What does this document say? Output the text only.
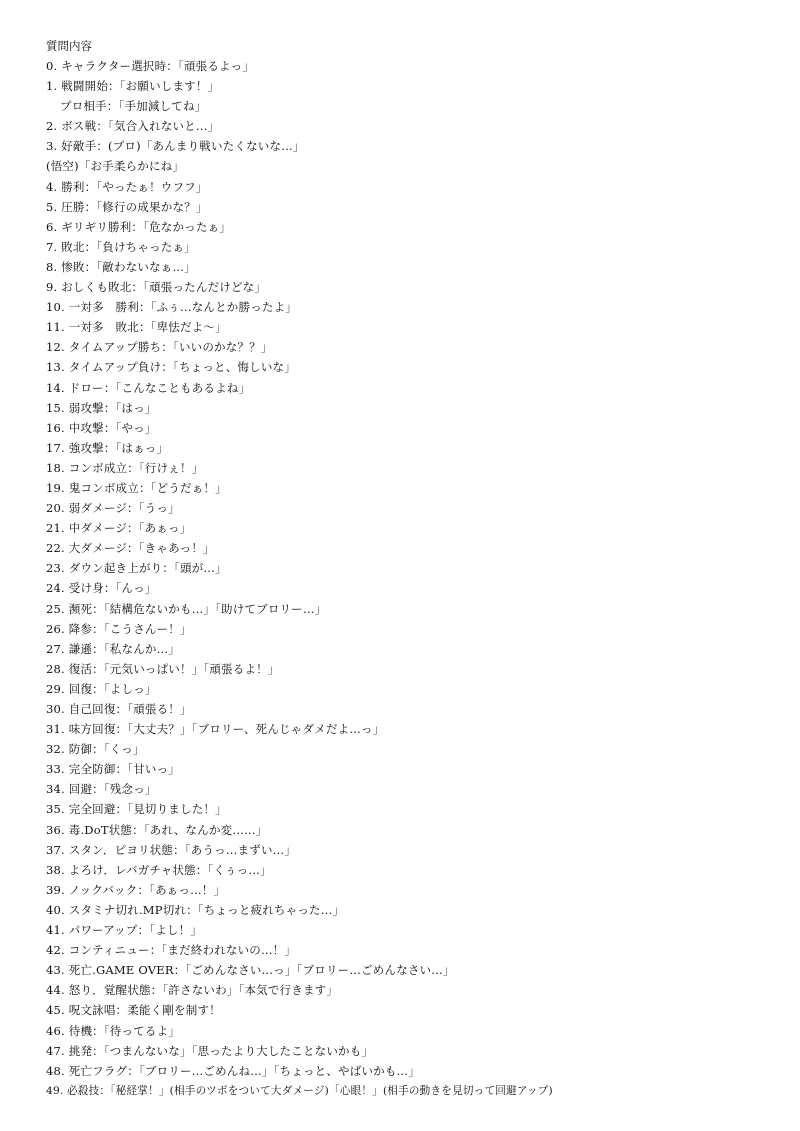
質問内容
0. キャラクター選択時：「頑張るよっ」
1. 戦闘開始：「お願いします！」
プロ相手：「手加減してね」
2. ボス戦：「気合入れないと…」
3. 好敵手：(プロ)「あんまり戦いたくないな…」
(悟空)「お手柔らかにね」
4. 勝利：「やったぁ！ウフフ」
5. 圧勝：「修行の成果かな？」
6. ギリギリ勝利：「危なかったぁ」
7. 敗北：「負けちゃったぁ」
8. 惨敗：「敵わないなぁ…」
9. おしくも敗北：「頑張ったんだけどな」
10. 一対多　勝利：「ふぅ…なんとか勝ったよ」
11. 一対多　敗北：「卑怯だよ～」
12. タイムアップ勝ち：「いいのかな？？」
13. タイムアップ負け：「ちょっと、悔しいな」
14. ドロー：「こんなこともあるよね」
15. 弱攻撃：「はっ」
16. 中攻撃：「やっ」
17. 強攻撃：「はぁっ」
18. コンボ成立：「行けぇ！」
19. 鬼コンボ成立：「どうだぁ！」
20. 弱ダメージ：「うっ」
21. 中ダメージ：「あぁっ」
22. 大ダメージ：「きゃあっ！」
23. ダウン起き上がり：「頭が…」
24. 受け身：「んっ」
25. 瀕死：「結構危ないかも…」「助けてブロリー…」
26. 降参：「こうさんー！」
27. 謙遜：「私なんか…」
28. 復活：「元気いっぱい！」「頑張るよ！」
29. 回復：「よしっ」
30. 自己回復：「頑張る！」
31. 味方回復：「大丈夫？」「ブロリー、死んじゃダメだよ…っ」
32. 防御：「くっ」
33. 完全防御：「甘いっ」
34. 回避：「残念っ」
35. 完全回避：「見切りました！」
36. 毒.DoT状態：「あれ、なんか変……」
37. スタン．ピヨリ状態：「あうっ…まずい…」
38. よろけ．レバガチャ状態：「くぅっ…」
39. ノックバック：「あぁっ…！」
40. スタミナ切れ.MP切れ：「ちょっと疲れちゃった…」
41. パワーアップ：「よし！」
42. コンティニュー：「まだ終われないの…！」
43. 死亡.GAME OVER：「ごめんなさい…っ」「ブロリー…ごめんなさい…」
44. 怒り．覚醒状態：「許さないわ」「本気で行きます」
45. 呪文詠唱：柔能く剛を制す！
46. 待機：「待ってるよ」
47. 挑発：「つまんないな」「思ったより大したことないかも」
48. 死亡フラグ：「ブロリー…ごめんね…」「ちょっと、やばいかも…」
49. 必殺技：「秘経掌！」(相手のツボをついて大ダメージ)「心眼！」(相手の動きを見切って回避アップ)
